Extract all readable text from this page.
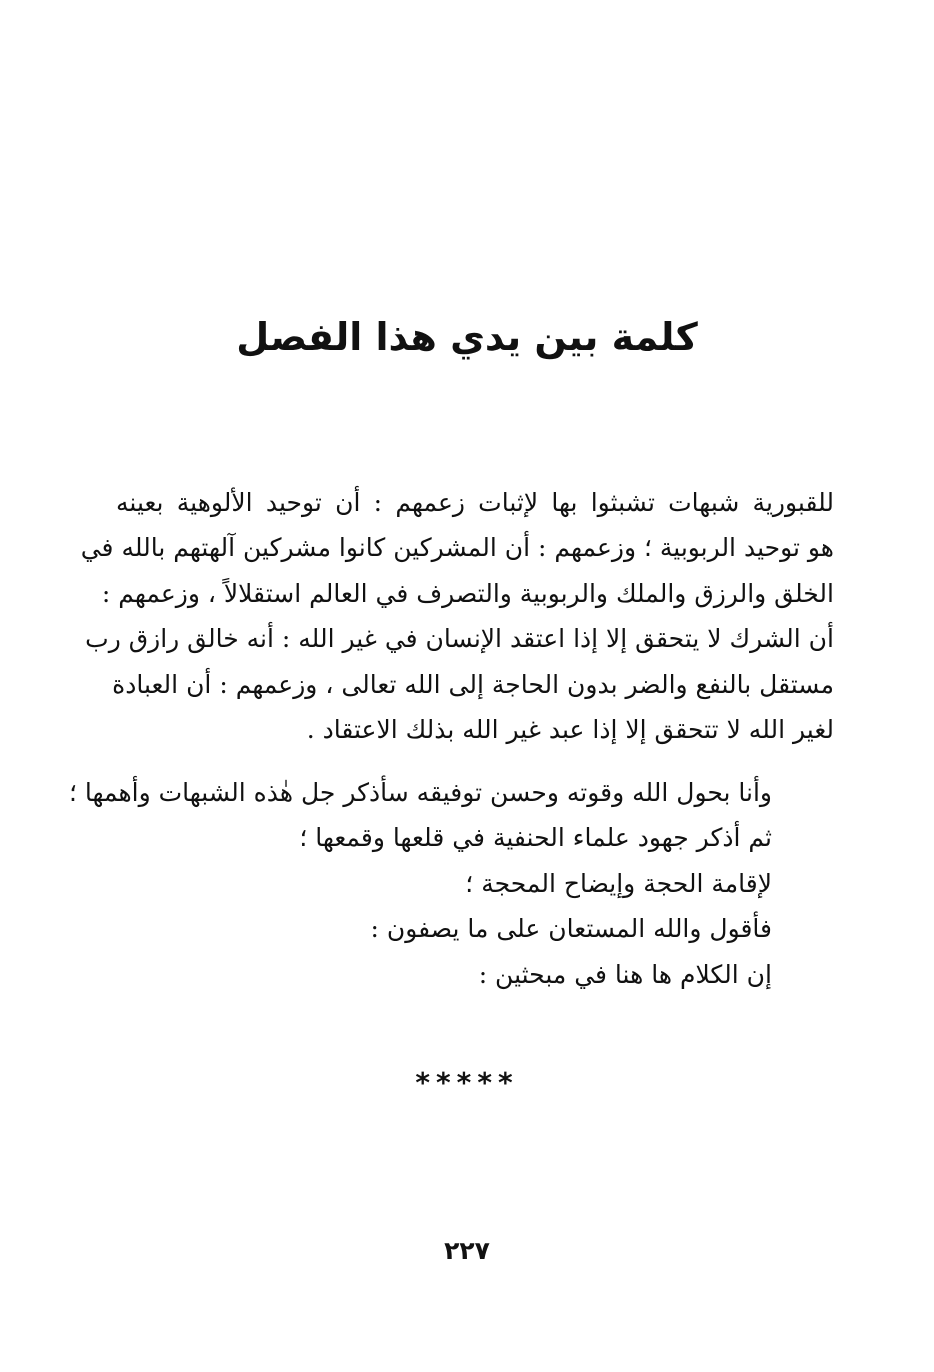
كلمة بين يدي هذا الفصل
للقبورية شبهات تشبثوا بها لإثبات زعمهم : أن توحيد الألوهية بعينه
هو توحيد الربوبية ؛ وزعمهم : أن المشركين كانوا مشركين آلهتهم بالله في
الخلق والرزق والملك والربوبية والتصرف في العالم استقلالاً ، وزعمهم :
أن الشرك لا يتحقق إلا إذا اعتقد الإنسان في غير الله : أنه خالق رازق رب
مستقل بالنفع والضر بدون الحاجة إلى الله تعالى ، وزعمهم : أن العبادة
لغير الله لا تتحقق إلا إذا عبد غير الله بذلك الاعتقاد .
وأنا بحول الله وقوته وحسن توفيقه سأذكر جل هٰذه الشبهات وأهمها ؛
ثم أذكر جهود علماء الحنفية في قلعها وقمعها ؛
لإقامة الحجة وإيضاح المحجة ؛
فأقول والله المستعان على ما يصفون :
إن الكلام ها هنا في مبحثين :
*****
٢٢٧
